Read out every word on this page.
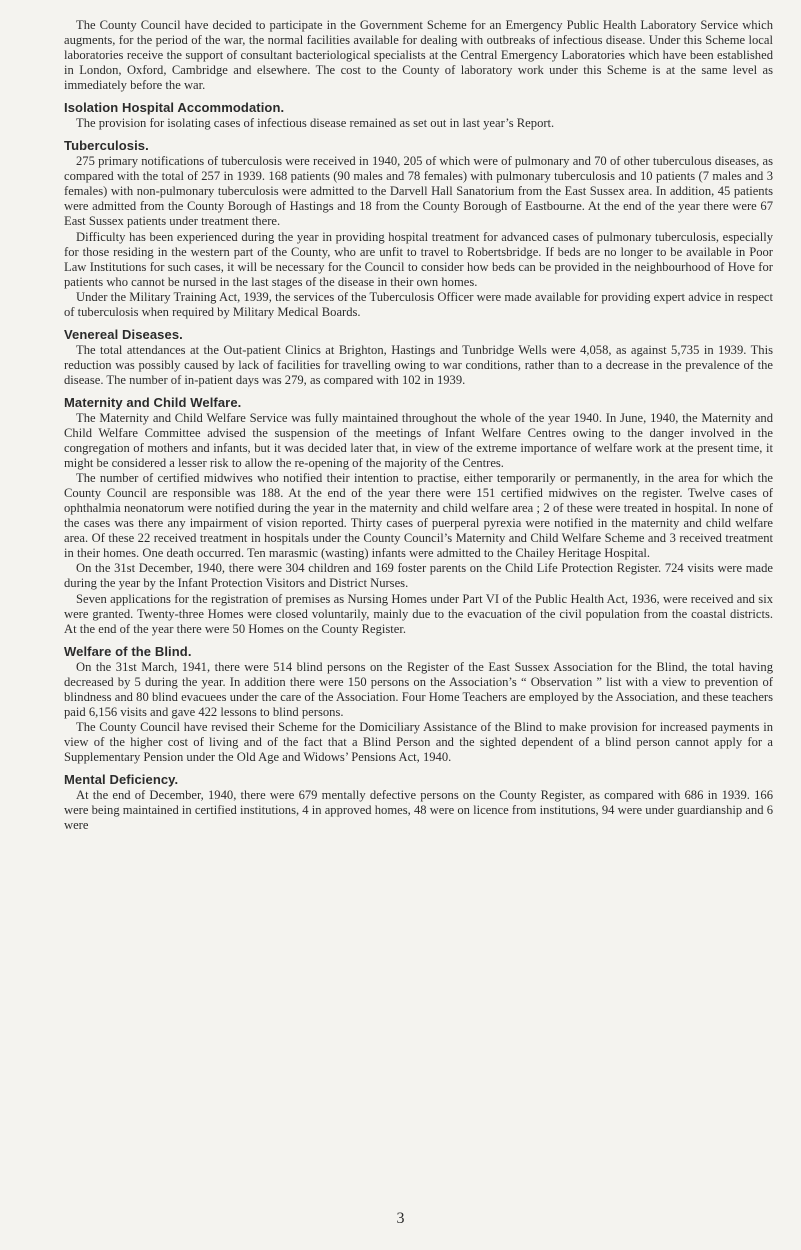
The County Council have decided to participate in the Government Scheme for an Emergency Public Health Laboratory Service which augments, for the period of the war, the normal facilities available for dealing with outbreaks of infectious disease. Under this Scheme local laboratories receive the support of consultant bacteriological specialists at the Central Emergency Laboratories which have been established in London, Oxford, Cambridge and elsewhere. The cost to the County of laboratory work under this Scheme is at the same level as immediately before the war.

Isolation Hospital Accommodation.

The provision for isolating cases of infectious disease remained as set out in last year’s Report.

Tuberculosis.

275 primary notifications of tuberculosis were received in 1940, 205 of which were of pulmonary and 70 of other tuberculous diseases, as compared with the total of 257 in 1939. 168 patients (90 males and 78 females) with pulmonary tuberculosis and 10 patients (7 males and 3 females) with non-pulmonary tuberculosis were admitted to the Darvell Hall Sanatorium from the East Sussex area. In addition, 45 patients were admitted from the County Borough of Hastings and 18 from the County Borough of Eastbourne. At the end of the year there were 67 East Sussex patients under treatment there.

Difficulty has been experienced during the year in providing hospital treatment for advanced cases of pulmonary tuberculosis, especially for those residing in the western part of the County, who are unfit to travel to Robertsbridge. If beds are no longer to be available in Poor Law Institutions for such cases, it will be necessary for the Council to consider how beds can be provided in the neighbourhood of Hove for patients who cannot be nursed in the last stages of the disease in their own homes.

Under the Military Training Act, 1939, the services of the Tuberculosis Officer were made available for providing expert advice in respect of tuberculosis when required by Military Medical Boards.

Venereal Diseases.

The total attendances at the Out-patient Clinics at Brighton, Hastings and Tunbridge Wells were 4,058, as against 5,735 in 1939. This reduction was possibly caused by lack of facilities for travelling owing to war conditions, rather than to a decrease in the prevalence of the disease. The number of in-patient days was 279, as compared with 102 in 1939.

Maternity and Child Welfare.

The Maternity and Child Welfare Service was fully maintained throughout the whole of the year 1940. In June, 1940, the Maternity and Child Welfare Committee advised the suspension of the meetings of Infant Welfare Centres owing to the danger involved in the congregation of mothers and infants, but it was decided later that, in view of the extreme importance of welfare work at the present time, it might be considered a lesser risk to allow the re-opening of the majority of the Centres.

The number of certified midwives who notified their intention to practise, either temporarily or permanently, in the area for which the County Council are responsible was 188. At the end of the year there were 151 certified midwives on the register. Twelve cases of ophthalmia neonatorum were notified during the year in the maternity and child welfare area ; 2 of these were treated in hospital. In none of the cases was there any impairment of vision reported. Thirty cases of puerperal pyrexia were notified in the maternity and child welfare area. Of these 22 received treatment in hospitals under the County Council’s Maternity and Child Welfare Scheme and 3 received treatment in their homes. One death occurred. Ten marasmic (wasting) infants were admitted to the Chailey Heritage Hospital.

On the 31st December, 1940, there were 304 children and 169 foster parents on the Child Life Protection Register. 724 visits were made during the year by the Infant Protection Visitors and District Nurses.

Seven applications for the registration of premises as Nursing Homes under Part VI of the Public Health Act, 1936, were received and six were granted. Twenty-three Homes were closed voluntarily, mainly due to the evacuation of the civil population from the coastal districts. At the end of the year there were 50 Homes on the County Register.

Welfare of the Blind.

On the 31st March, 1941, there were 514 blind persons on the Register of the East Sussex Association for the Blind, the total having decreased by 5 during the year. In addition there were 150 persons on the Association’s “ Observation ” list with a view to prevention of blindness and 80 blind evacuees under the care of the Association. Four Home Teachers are employed by the Association, and these teachers paid 6,156 visits and gave 422 lessons to blind persons.

The County Council have revised their Scheme for the Domiciliary Assistance of the Blind to make provision for increased payments in view of the higher cost of living and of the fact that a Blind Person and the sighted dependent of a blind person cannot apply for a Supplementary Pension under the Old Age and Widows’ Pensions Act, 1940.

Mental Deficiency.

At the end of December, 1940, there were 679 mentally defective persons on the County Register, as compared with 686 in 1939. 166 were being maintained in certified institutions, 4 in approved homes, 48 were on licence from institutions, 94 were under guardianship and 6 were

3
